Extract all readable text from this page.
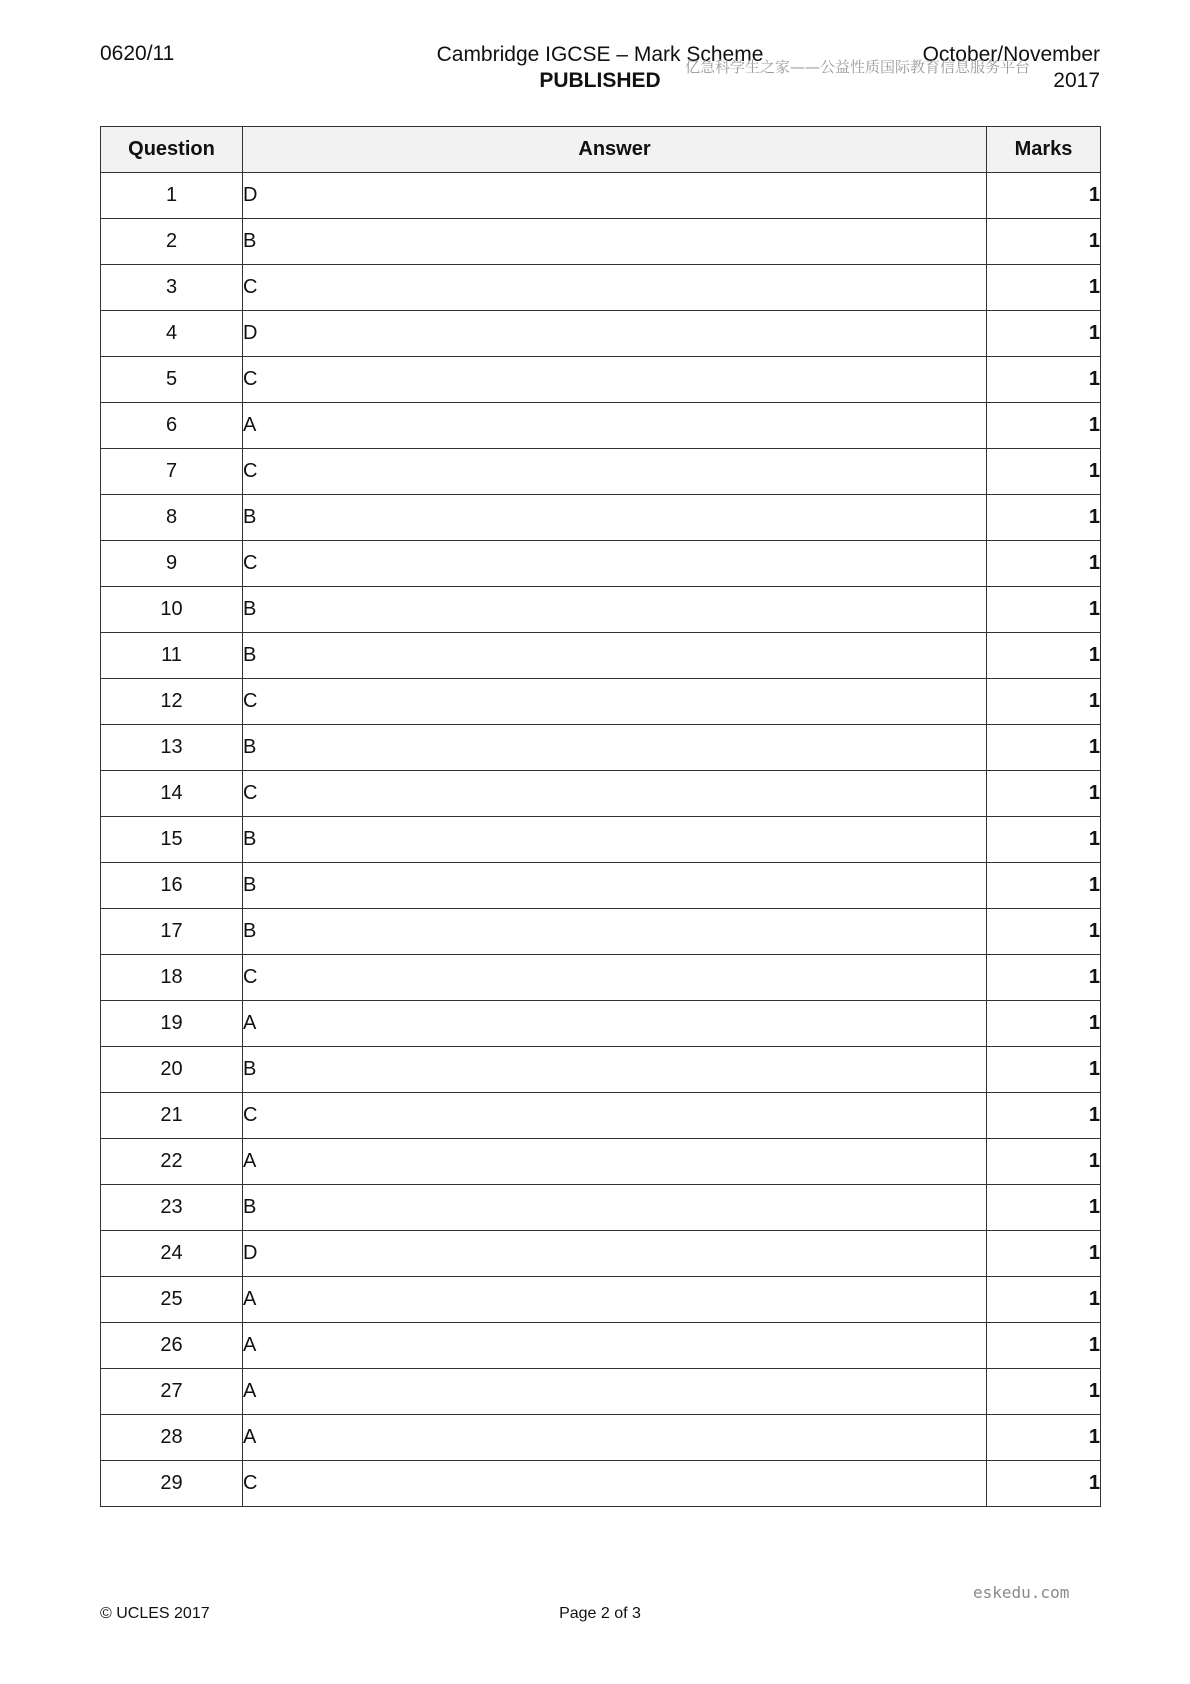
0620/11	Cambridge IGCSE – Mark Scheme
PUBLISHED
October/November
2017
亿急科学生之家——公益性质国际教育信息服务平台
Question	Answer	Marks
1	D	1
2	B	1
3	C	1
4	D	1
5	C	1
6	A	1
7	C	1
8	B	1
9	C	1
10	B	1
11	B	1
12	C	1
13	B	1
14	C	1
15	B	1
16	B	1
17	B	1
18	C	1
19	A	1
20	B	1
21	C	1
22	A	1
23	B	1
24	D	1
25	A	1
26	A	1
27	A	1
28	A	1
29	C	1
eskedu.com
© UCLES 2017	Page 2 of 3
